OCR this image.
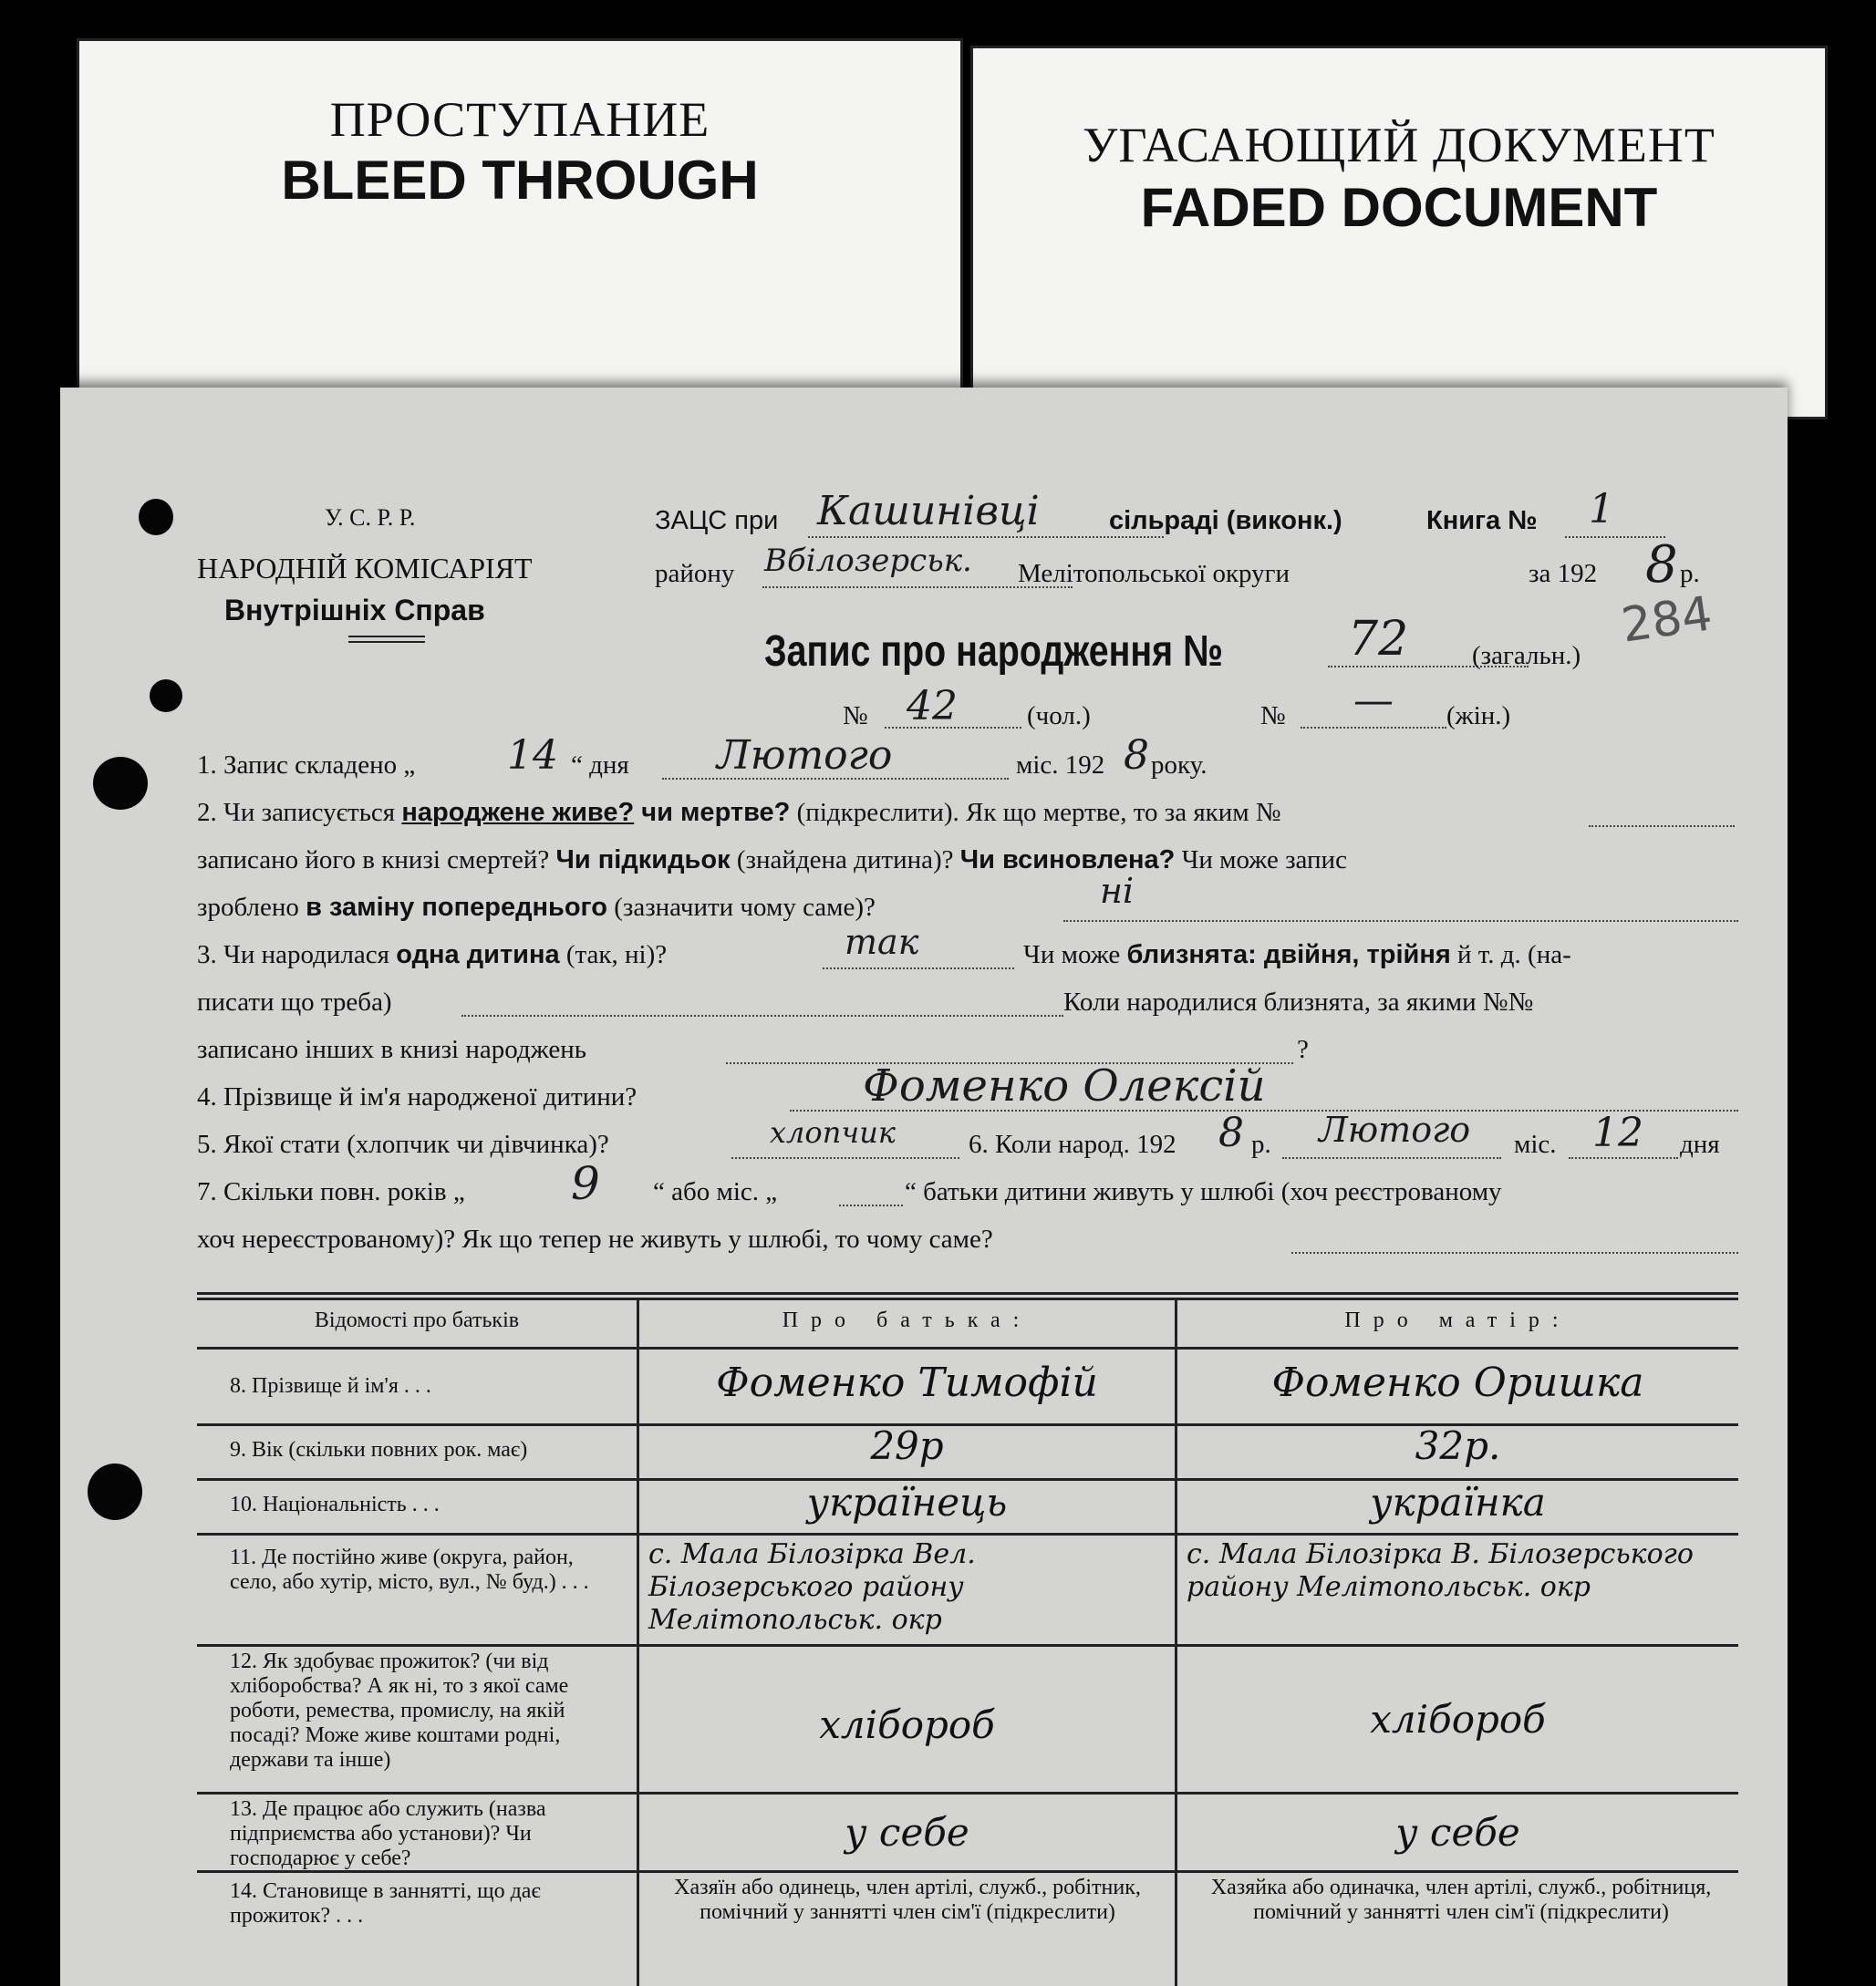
ПРОСТУПАНИЕ
BLEED THROUGH
УГАСАЮЩИЙ ДОКУМЕНТ
FADED DOCUMENT
284
У. С. Р. Р.
НАРОДНІЙ КОМІСАРІЯТ
Внутрішніх Справ
ЗАЦС при Кашинівці	сільраді (виконк.)	Книга № 1
району Вбілозерськ. Мелітопольської округи	за 192 8 р.
Запис про народження №	72 (загальн.)
№ 42	(чол.)	№ — (жін.)
1. Запис складено „ 14 “ дня Лютого	міс. 192 8 року.
2. Чи записується народжене живе? чи мертве? (підкреслити). Як що мертве, то за яким №
записано його в книзі смертей? Чи підкидьок (знайдена дитина)? Чи всиновлена? Чи може запис
зроблено в заміну попереднього (зазначити чому саме)?	ні
3. Чи народилася одна дитина (так, ні)?	так	Чи може близнята: двійня, трійня й т. д. (на-
писати що треба)	Коли народилися близнята, за якими №№
записано інших в книзі народжень	?
4. Прізвище й ім'я народженої дитини?	Фоменко Олексій
5. Якої стати (хлопчик чи дівчинка)?	хлопчик	6. Коли народ. 192 8 р. Лютого міс. 12 дня
7. Скільки повн. років „ 9 “ або міс. „	“ батьки дитини живуть у шлюбі (хоч реєстрованому
хоч нереєстрованому)? Як що тепер не живуть у шлюбі, то чому саме?
Відомості про батьків	Про батька:	Про матір:
8. Прізвище й ім'я . . .	Фоменко Тимофій	Фоменко Оришка
9. Вік (скільки повних рок. має)	29р	32р.
10. Національність . . .	українець	українка
11. Де постійно живе (округа, район, село, або хутір, місто, вул., № буд.) . . .
с. Мала Білозірка Вел. Білозерського району Мелітопольськ. окр
с. Мала Білозірка В. Білозерського району Мелітопольськ. окр
12. Як здобуває прожиток? (чи від хліборобства? А як ні, то з якої саме роботи, ремества, промислу, на якій посаді? Може живе коштами родні, держави та інше)
хлібороб	хлібороб
13. Де працює або служить (назва підприємства або установи)? Чи господарює у себе?
у себе	у себе
14. Становище в заннятті, що дає прожиток? . . .
Хазяїн або одинець, член артілі, служб., робітник, помічний у заннятті член сім'ї (підкреслити)
Хазяйка або одиначка, член артілі, служб., робітниця, помічний у заннятті член сім'ї (підкреслити)
